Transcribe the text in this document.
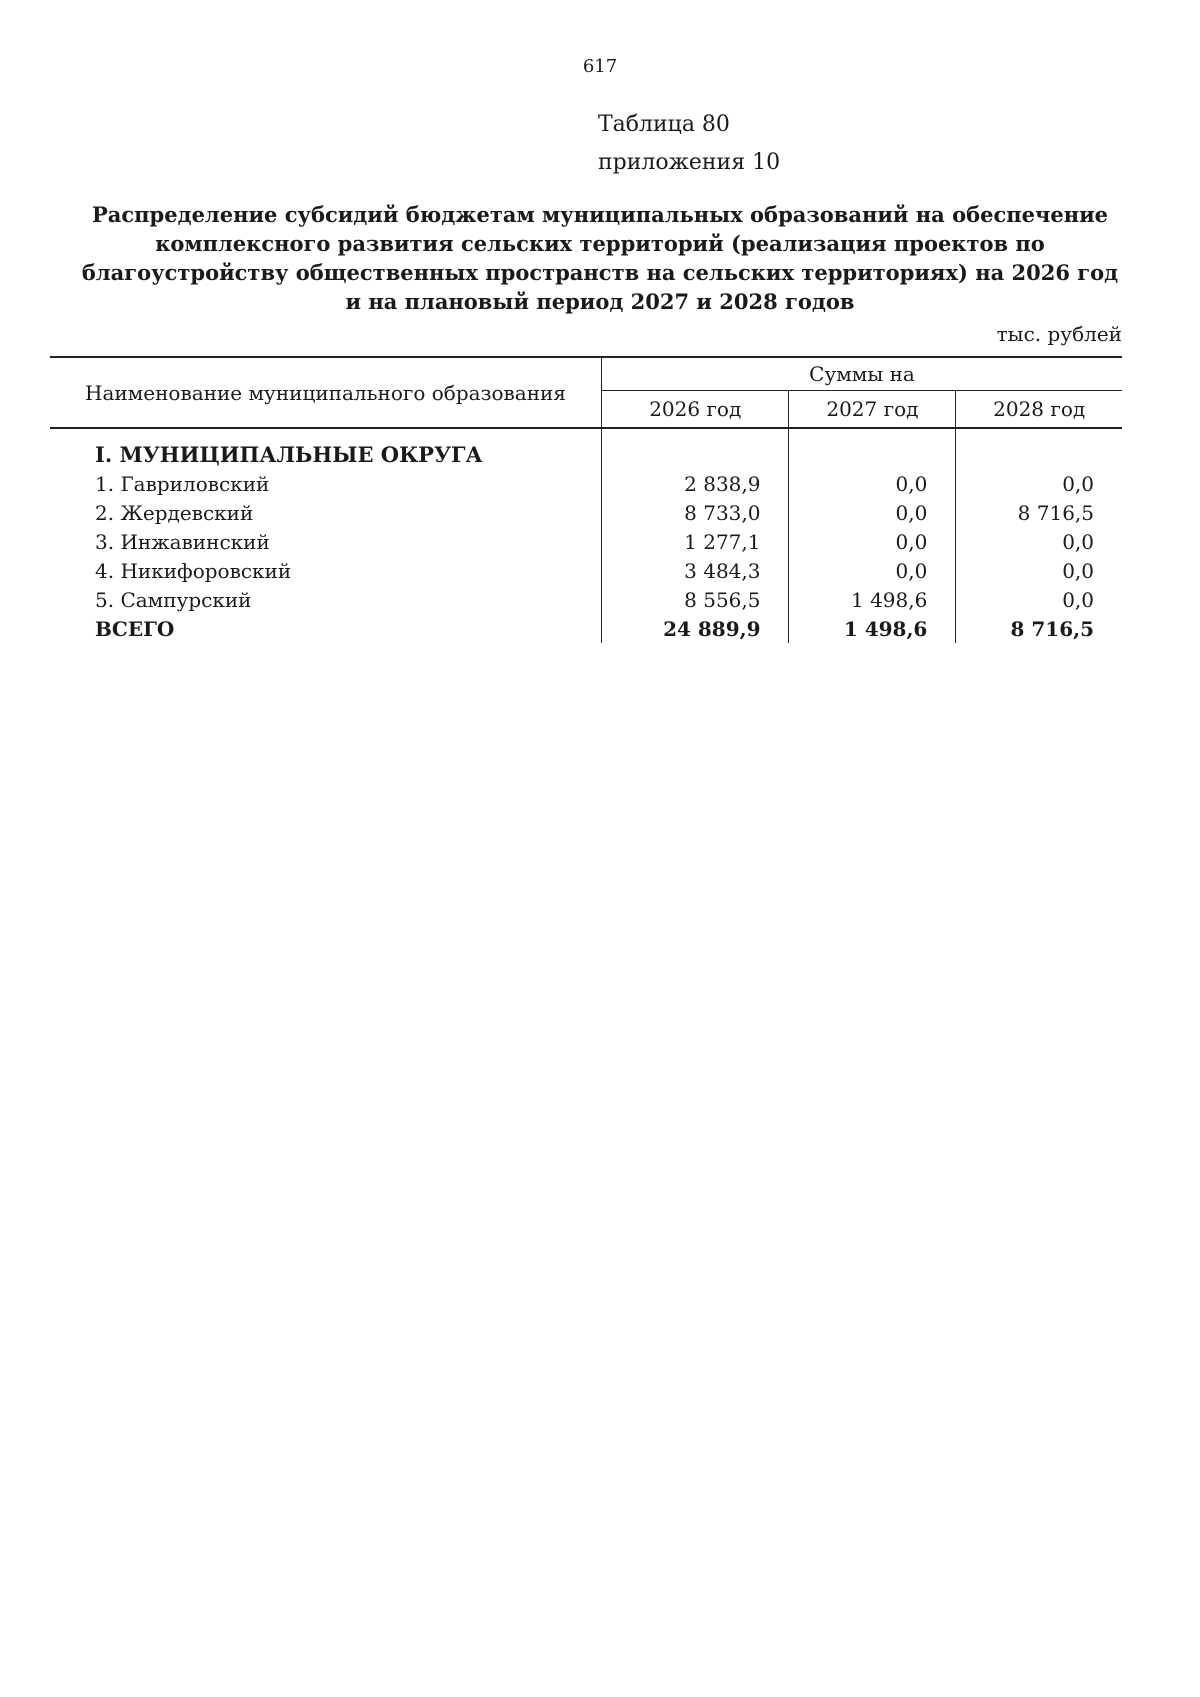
617
Таблица 80
приложения 10
Распределение субсидий бюджетам муниципальных образований на обеспечение комплексного развития сельских территорий (реализация проектов по благоустройству общественных пространств на сельских территориях) на 2026 год и на плановый период 2027 и 2028 годов
тыс. рублей
Наименование муниципального образования	Суммы на		
	2026 год	2027 год	2028 год
I. МУНИЦИПАЛЬНЫЕ ОКРУГА			
1. Гавриловский	2 838,9	0,0	0,0
2. Жердевский	8 733,0	0,0	8 716,5
3. Инжавинский	1 277,1	0,0	0,0
4. Никифоровский	3 484,3	0,0	0,0
5. Сампурский	8 556,5	1 498,6	0,0
ВСЕГО	24 889,9	1 498,6	8 716,5
